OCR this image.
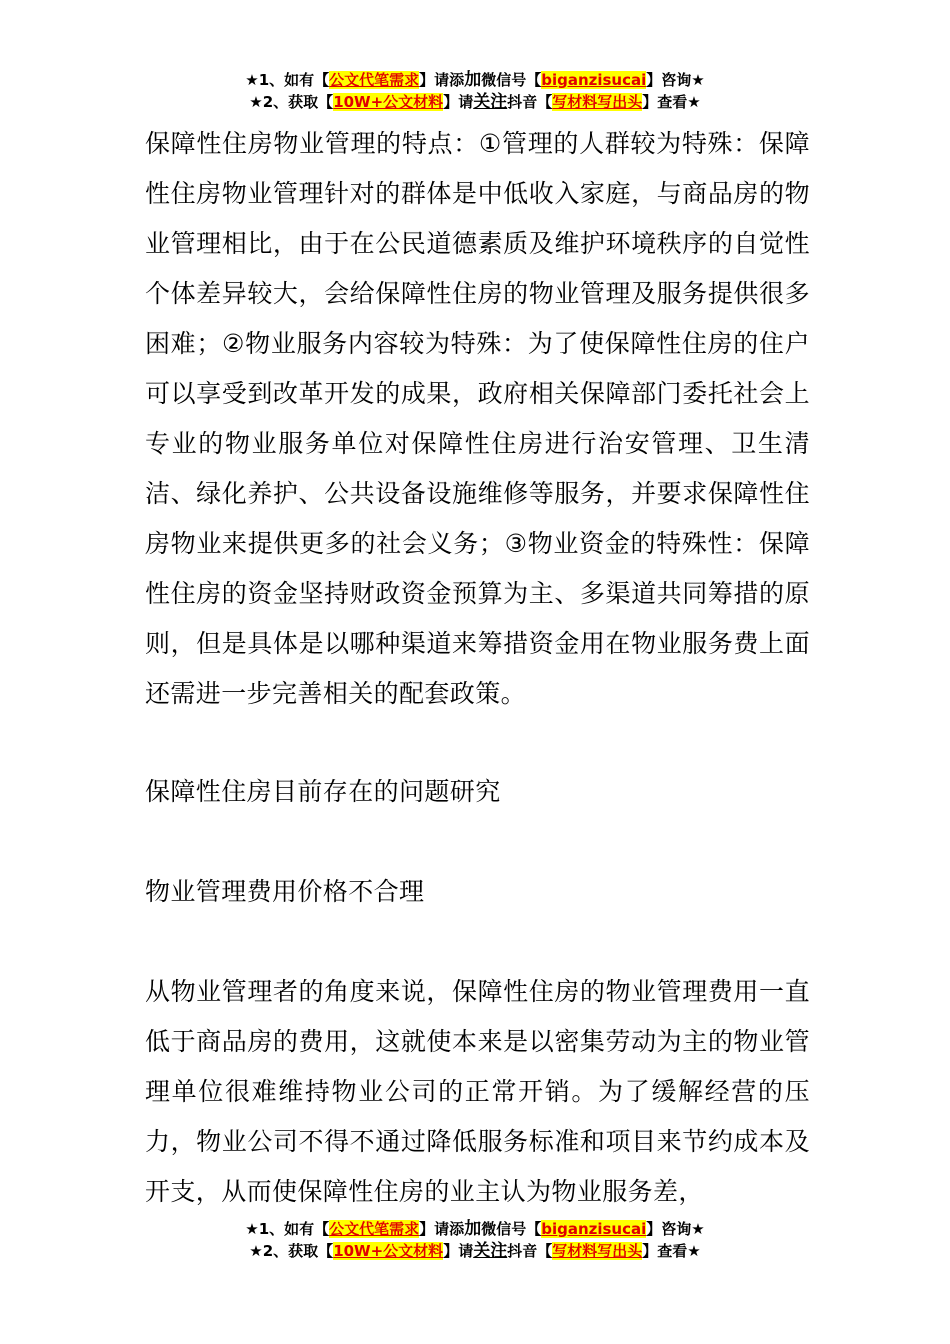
★1、如有【公文代笔需求】请添加微信号【biganzisucai】咨询★
★2、获取【10W+公文材料】请关注抖音【写材料写出头】查看★
保障性住房物业管理的特点：①管理的人群较为特殊：保障性住房物业管理针对的群体是中低收入家庭，与商品房的物业管理相比，由于在公民道德素质及维护环境秩序的自觉性个体差异较大，会给保障性住房的物业管理及服务提供很多困难；②物业服务内容较为特殊：为了使保障性住房的住户可以享受到改革开发的成果，政府相关保障部门委托社会上专业的物业服务单位对保障性住房进行治安管理、卫生清洁、绿化养护、公共设备设施维修等服务，并要求保障性住房物业来提供更多的社会义务；③物业资金的特殊性：保障性住房的资金坚持财政资金预算为主、多渠道共同筹措的原则，但是具体是以哪种渠道来筹措资金用在物业服务费上面还需进一步完善相关的配套政策。
保障性住房目前存在的问题研究
物业管理费用价格不合理
从物业管理者的角度来说，保障性住房的物业管理费用一直低于商品房的费用，这就使本来是以密集劳动为主的物业管理单位很难维持物业公司的正常开销。为了缓解经营的压力，物业公司不得不通过降低服务标准和项目来节约成本及开支，从而使保障性住房的业主认为物业服务差，
★1、如有【公文代笔需求】请添加微信号【biganzisucai】咨询★
★2、获取【10W+公文材料】请关注抖音【写材料写出头】查看★
